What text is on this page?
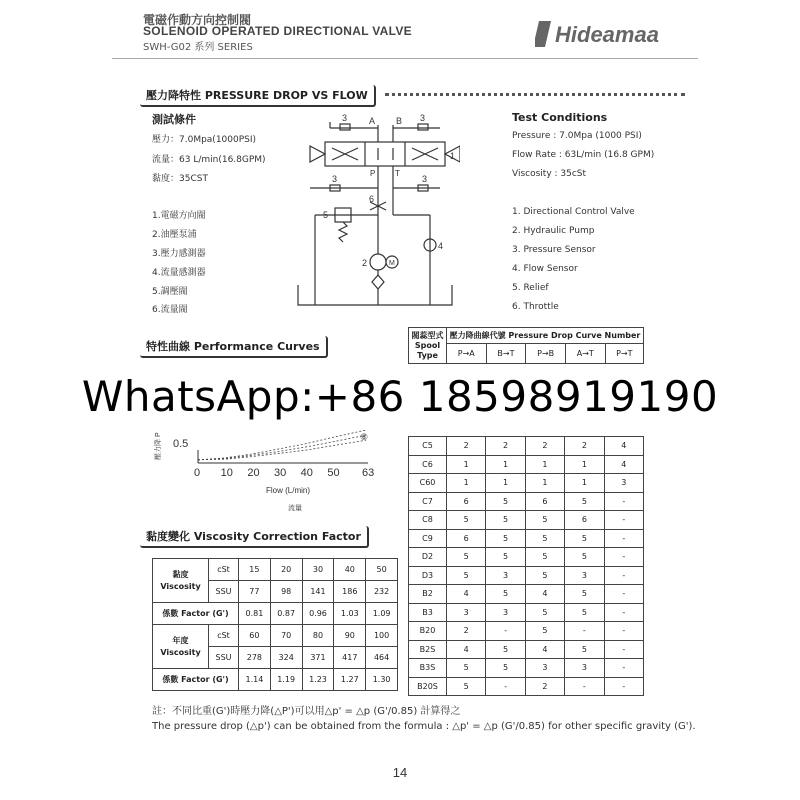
電磁作動方向控制閥
SOLENOID OPERATED DIRECTIONAL VALVE
SWH-G02 系列 SERIES
Hideamaa
壓力降特性 PRESSURE DROP VS FLOW
測試條件
壓力：7.0Mpa(1000PSI)
流量：63 L/min(16.8GPM)
黏度：35CST
Test Conditions
Pressure : 7.0Mpa (1000 PSI)
Flow Rate : 63L/min (16.8 GPM)
Viscosity : 35cSt
1.電磁方向閥
2.油壓泵浦
3.壓力感測器
4.流量感測器
5.調壓閥
6.流量閥
1. Directional Control Valve
2. Hydraulic Pump
3. Pressure Sensor
4. Flow Sensor
5. Relief
6. Throttle
3	3
A B
1
P T
3	3
6
4
5
M
2
特性曲線 Performance Curves
0.5
壓力降 P	⑥
0 10 20 30 40 50 63
Flow (L/min)
流量
WhatsApp:+86 18598919190
閥蕊型式
Spool
Type	壓力降曲線代號 Pressure Drop Curve Number				
	P→A	B→T	P→B	A→T	P→T
C5	2	2	2	2	4
C6	1	1	1	1	4
C60	1	1	1	1	3
C7	6	5	6	5	-
C8	5	5	5	6	-
C9	6	5	5	5	-
D2	5	5	5	5	-
D3	5	3	5	3	-
B2	4	5	4	5	-
B3	3	3	5	5	-
B20	2	-	5	-	-
B2S	4	5	4	5	-
B3S	5	5	3	3	-
B20S	5	-	2	-	-
黏度變化 Viscosity Correction Factor
黏度
Viscosity	cSt	15	20	30	40	50
	SSU	77	98	141	186	232
係數 Factor (G')		0.81	0.87	0.96	1.03	1.09
年度
Viscosity	cSt	60	70	80	90	100
	SSU	278	324	371	417	464
係數 Factor (G')		1.14	1.19	1.23	1.27	1.30
註：不同比重(G')時壓力降(△P')可以用△p' = △p (G'/0.85) 計算得之
The pressure drop (△p') can be obtained from the formula : △p' = △p (G'/0.85) for other specific gravity (G').
14
